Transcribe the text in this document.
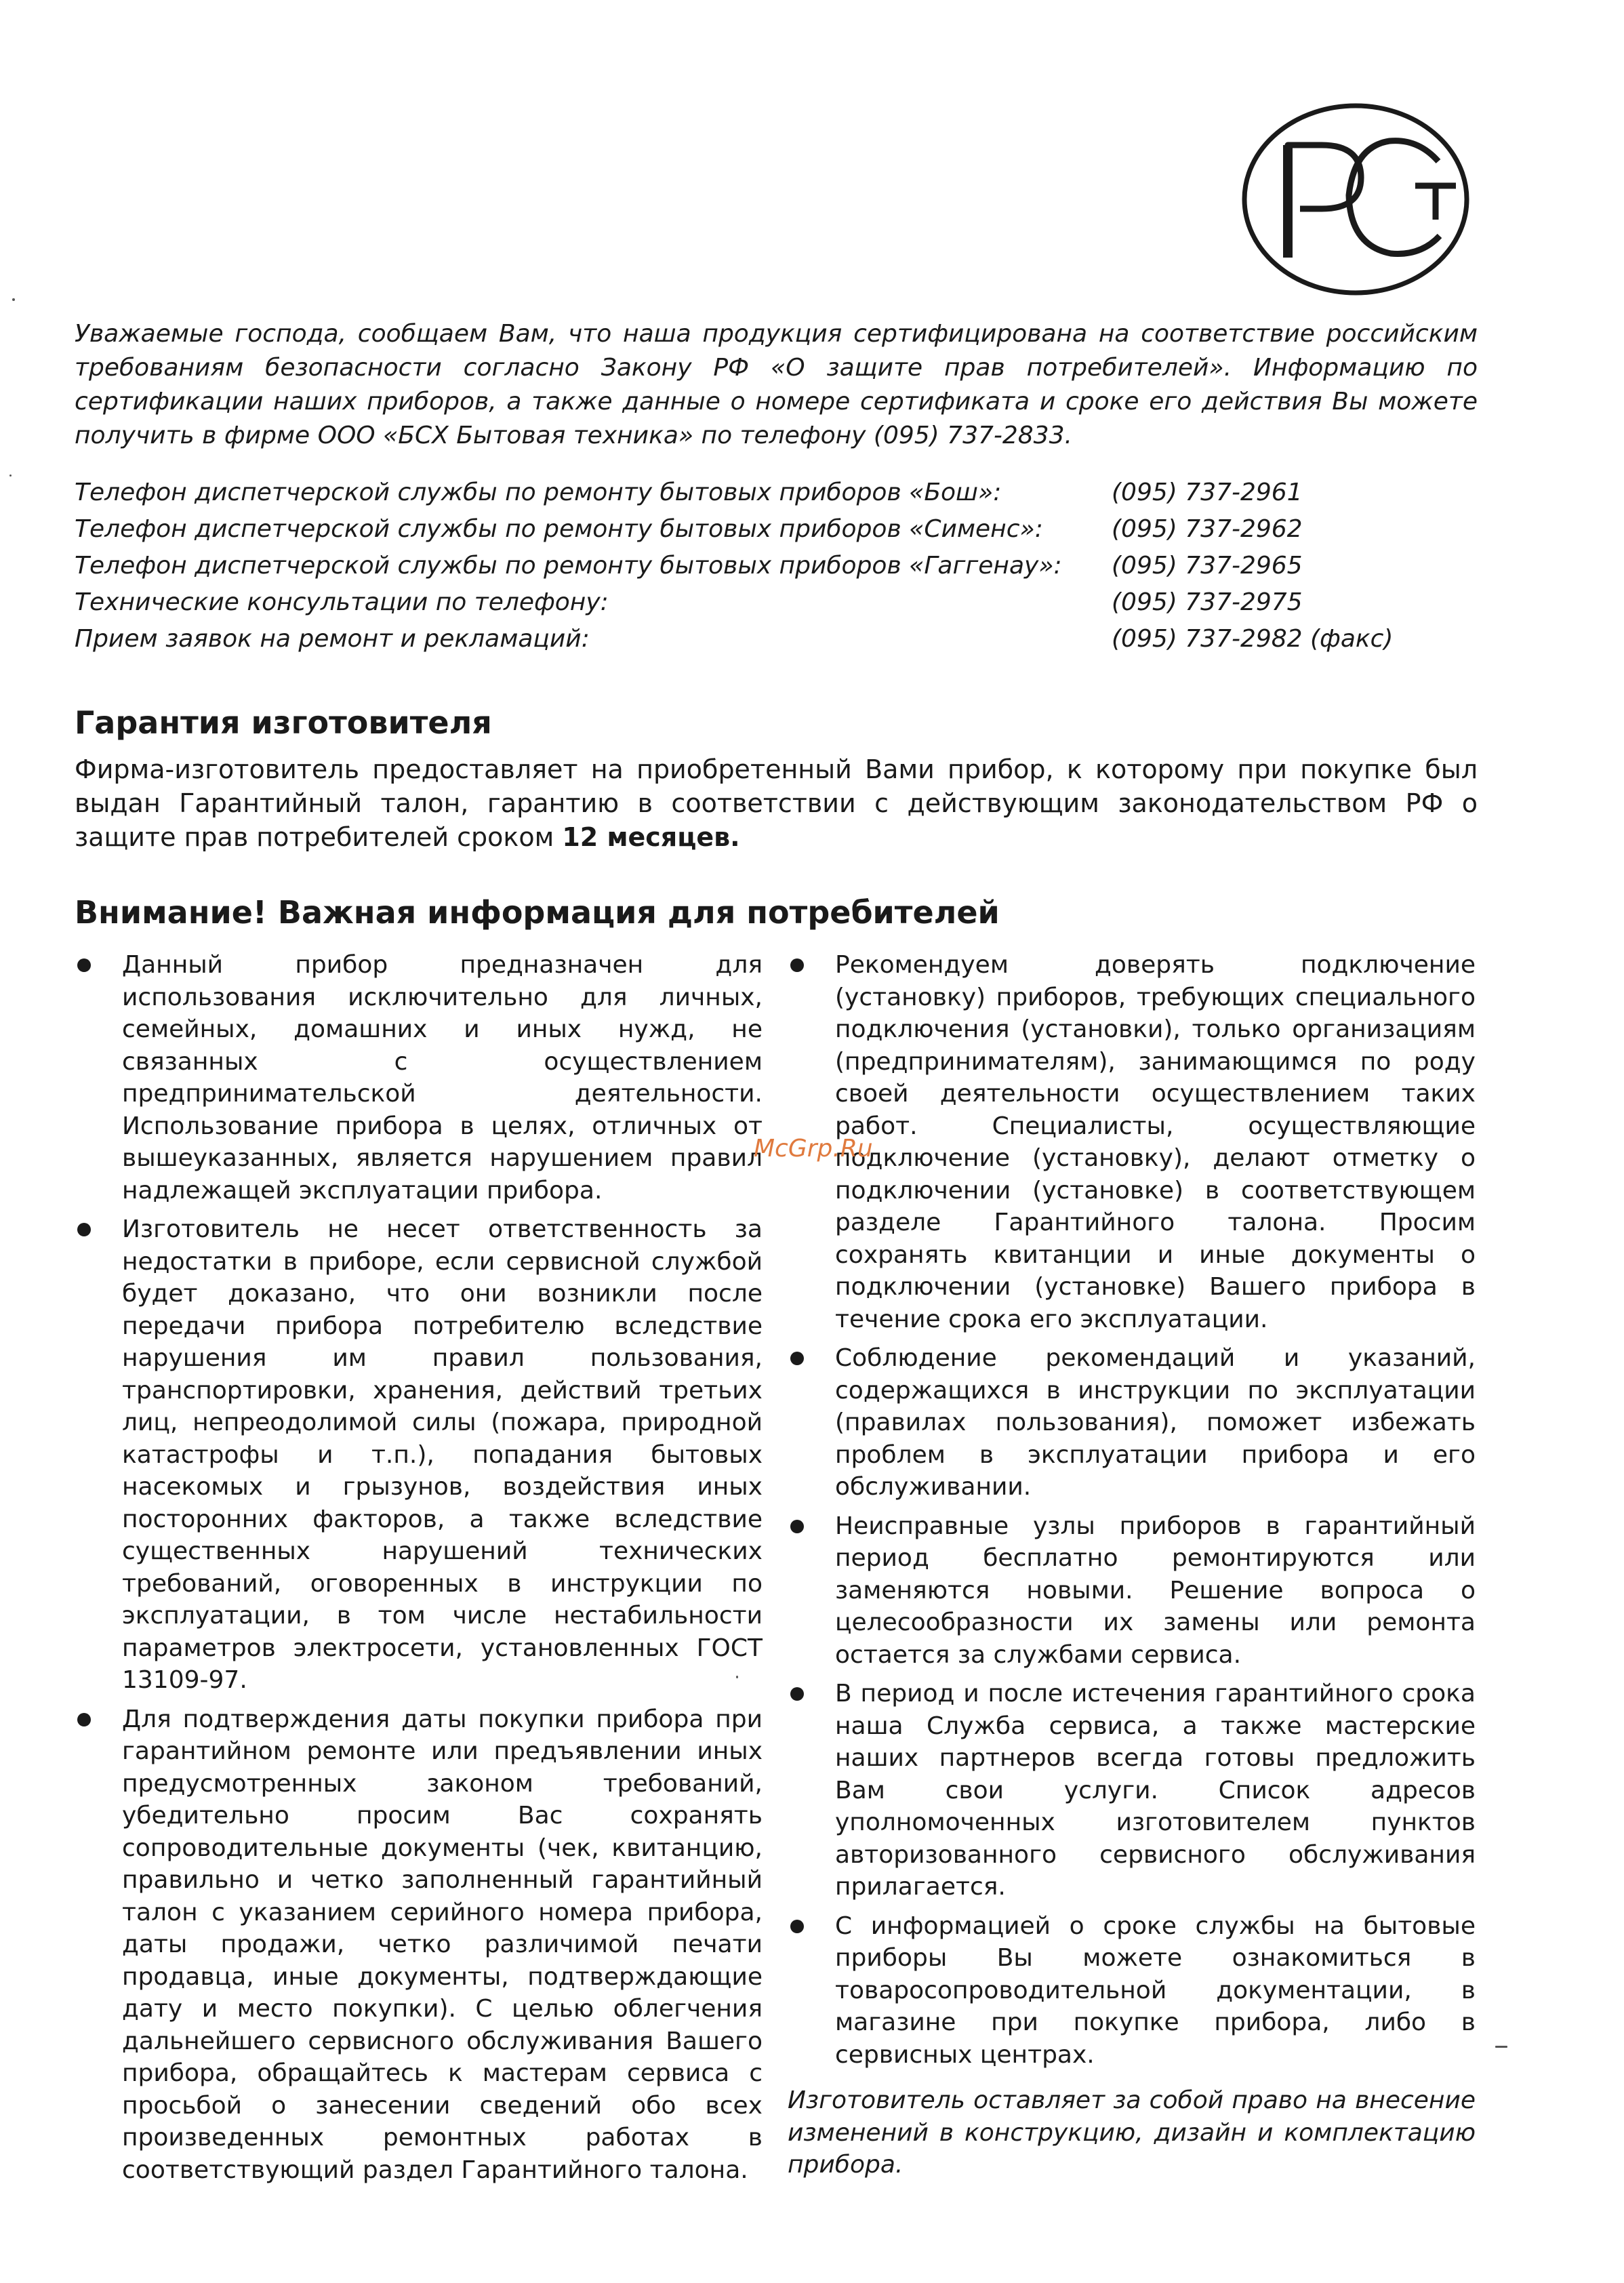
Уважаемые господа, сообщаем Вам, что наша продукция сертифицирована на соответствие российским требованиям безопасности согласно Закону РФ «О защите прав потребителей». Информацию по сертификации наших приборов, а также данные о номере сертификата и сроке его действия Вы можете получить в фирме ООО «БСХ Бытовая техника» по телефону (095) 737-2833.

Телефон диспетчерской службы по ремонту бытовых приборов «Бош»:	(095) 737-2961
Телефон диспетчерской службы по ремонту бытовых приборов «Сименс»:	(095) 737-2962
Телефон диспетчерской службы по ремонту бытовых приборов «Гаггенау»:	(095) 737-2965
Технические консультации по телефону:	(095) 737-2975
Прием заявок на ремонт и рекламаций:	(095) 737-2982 (факс)
Гарантия изготовителя

Фирма-изготовитель предоставляет на приобретенный Вами прибор, к которому при покупке был выдан Гарантийный талон, гарантию в соответствии с действующим законодательством РФ о защите прав потребителей сроком 12 месяцев.

Внимание! Важная информация для потребителей
Данный прибор предназначен для использования исключительно для личных, семейных, домашних и иных нужд, не связанных с осуществлением предпринимательской деятельности. Использование прибора в целях, отличных от вышеуказанных, является нарушением правил надлежащей эксплуатации прибора.
Изготовитель не несет ответственность за недостатки в приборе, если сервисной службой будет доказано, что они возникли после передачи прибора потребителю вследствие нарушения им правил пользования, транспортировки, хранения, действий третьих лиц, непреодолимой силы (пожара, природной катастрофы и т.п.), попадания бытовых насекомых и грызунов, воздействия иных посторонних факторов, а также вследствие существенных нарушений технических требований, оговоренных в инструкции по эксплуатации, в том числе нестабильности параметров электросети, установленных ГОСТ 13109-97.
Для подтверждения даты покупки прибора при гарантийном ремонте или предъявлении иных предусмотренных законом требований, убедительно просим Вас сохранять сопроводительные документы (чек, квитанцию, правильно и четко заполненный гарантийный талон с указанием серийного номера прибора, даты продажи, четко различимой печати продавца, иные документы, подтверждающие дату и место покупки). С целью облегчения дальнейшего сервисного обслуживания Вашего прибора, обращайтесь к мастерам сервиса с просьбой о занесении сведений обо всех произведенных ремонтных работах в соответствующий раздел Гарантийного талона.
Рекомендуем доверять подключение (установку) приборов, требующих специального подключения (установки), только организациям (предпринимателям), занимающимся по роду своей деятельности осуществлением таких работ. Специалисты, осуществляющие подключение (установку), делают отметку о подключении (установке) в соответствующем разделе Гарантийного талона. Просим сохранять квитанции и иные документы о подключении (установке) Вашего прибора в течение срока его эксплуатации.
Соблюдение рекомендаций и указаний, содержащихся в инструкции по эксплуатации (правилах пользования), поможет избежать проблем в эксплуатации прибора и его обслуживании.
Неисправные узлы приборов в гарантийный период бесплатно ремонтируются или заменяются новыми. Решение вопроса о целесообразности их замены или ремонта остается за службами сервиса.
В период и после истечения гарантийного срока наша Служба сервиса, а также мастерские наших партнеров всегда готовы предложить Вам свои услуги. Список адресов уполномоченных изготовителем пунктов авторизованного сервисного обслуживания прилагается.
С информацией о сроке службы на бытовые приборы Вы можете ознакомиться в товаросопроводительной документации, в магазине при покупке прибора, либо в сервисных центрах.

Изготовитель оставляет за собой право на внесение изменений в конструкцию, дизайн и комплектацию прибора.

McGrp.Ru
